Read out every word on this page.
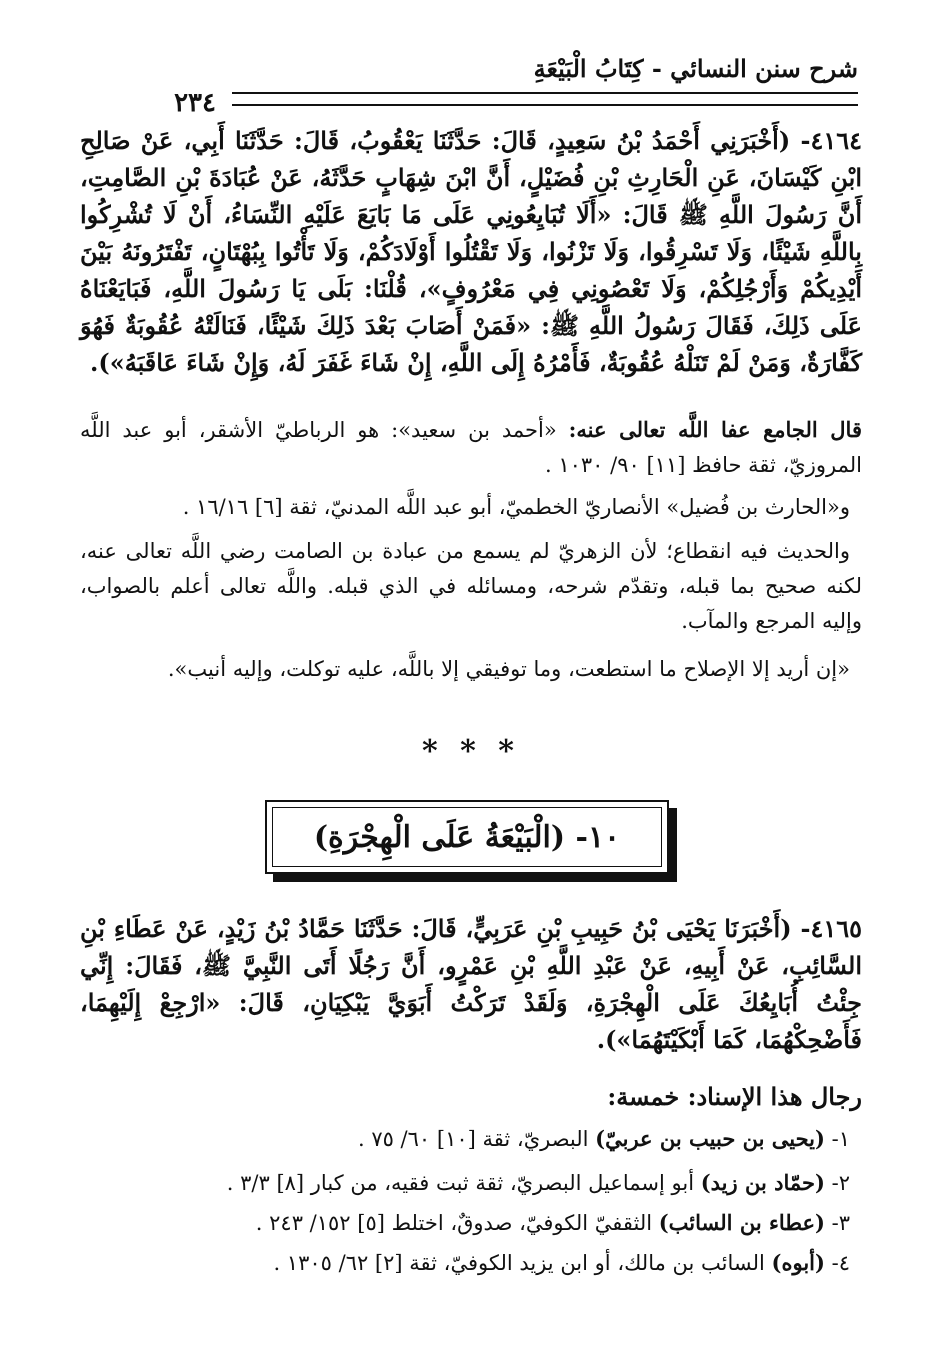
شرح سنن النسائي - كِتَابُ الْبَيْعَةِ
٢٣٤
٤١٦٤- (أَخْبَرَنِي أَحْمَدُ بْنُ سَعِيدٍ، قَالَ: حَدَّثَنَا يَعْقُوبُ، قَالَ: حَدَّثَنَا أَبِي، عَنْ صَالِحِ ابْنِ كَيْسَانَ، عَنِ الْحَارِثِ بْنِ فُضَيْلٍ، أَنَّ ابْنَ شِهَابٍ حَدَّثَهُ، عَنْ عُبَادَةَ بْنِ الصَّامِتِ، أَنَّ رَسُولَ اللَّهِ ﷺ قَالَ: «أَلَا تُبَايِعُونِي عَلَى مَا بَايَعَ عَلَيْهِ النِّسَاءُ، أَنْ لَا تُشْرِكُوا بِاللَّهِ شَيْئًا، وَلَا تَسْرِقُوا، وَلَا تَزْنُوا، وَلَا تَقْتُلُوا أَوْلَادَكُمْ، وَلَا تَأْتُوا بِبُهْتَانٍ، تَفْتَرُونَهُ بَيْنَ أَيْدِيكُمْ وَأَرْجُلِكُمْ، وَلَا تَعْصُونِي فِي مَعْرُوفٍ»، قُلْنَا: بَلَى يَا رَسُولَ اللَّهِ، فَبَايَعْنَاهُ عَلَى ذَلِكَ، فَقَالَ رَسُولُ اللَّهِ ﷺ: «فَمَنْ أَصَابَ بَعْدَ ذَلِكَ شَيْئًا، فَنَالَتْهُ عُقُوبَةٌ فَهُوَ كَفَّارَةٌ، وَمَنْ لَمْ تَنَلْهُ عُقُوبَةٌ، فَأَمْرُهُ إِلَى اللَّهِ، إِنْ شَاءَ غَفَرَ لَهُ، وَإِنْ شَاءَ عَاقَبَهُ»).
قال الجامع عفا اللَّه تعالى عنه: «أحمد بن سعيد»: هو الرباطيّ الأشقر، أبو عبد اللَّه المروزيّ، ثقة حافظ [١١] ٩٠/ ١٠٣٠ .
و«الحارث بن فُضيل» الأنصاريّ الخطميّ، أبو عبد اللَّه المدنيّ، ثقة [٦] ١٦/١٦ .
والحديث فيه انقطاع؛ لأن الزهريّ لم يسمع من عبادة بن الصامت رضي اللَّه تعالى عنه، لكنه صحيح بما قبله، وتقدّم شرحه، ومسائله في الذي قبله. واللَّه تعالى أعلم بالصواب، وإليه المرجع والمآب.
«إن أريد إلا الإصلاح ما استطعت، وما توفيقي إلا باللَّه، عليه توكلت، وإليه أنيب».
* * *
١٠- (الْبَيْعَةُ عَلَى الْهِجْرَةِ)
٤١٦٥- (أَخْبَرَنَا يَحْيَى بْنُ حَبِيبِ بْنِ عَرَبِيٍّ، قَالَ: حَدَّثَنَا حَمَّادُ بْنُ زَيْدٍ، عَنْ عَطَاءِ بْنِ السَّائِبِ، عَنْ أَبِيهِ، عَنْ عَبْدِ اللَّهِ بْنِ عَمْرٍو، أَنَّ رَجُلًا أَتَى النَّبِيَّ ﷺ، فَقَالَ: إِنِّي جِئْتُ أُبَايِعُكَ عَلَى الْهِجْرَةِ، وَلَقَدْ تَرَكْتُ أَبَوَيَّ يَبْكِيَانِ، قَالَ: «ارْجِعْ إِلَيْهِمَا، فَأَضْحِكْهُمَا، كَمَا أَبْكَيْتَهُمَا»).
رجال هذا الإسناد: خمسة:
١- (يحيى بن حبيب بن عربيّ) البصريّ، ثقة [١٠] ٦٠/ ٧٥ .
٢- (حمّاد بن زيد) أبو إسماعيل البصريّ، ثقة ثبت فقيه، من كبار [٨] ٣/٣ .
٣- (عطاء بن السائب) الثقفيّ الكوفيّ، صدوقٌ، اختلط [٥] ١٥٢/ ٢٤٣ .
٤- (أبوه) السائب بن مالك، أو ابن يزيد الكوفيّ، ثقة [٢] ٦٢/ ١٣٠٥ .
